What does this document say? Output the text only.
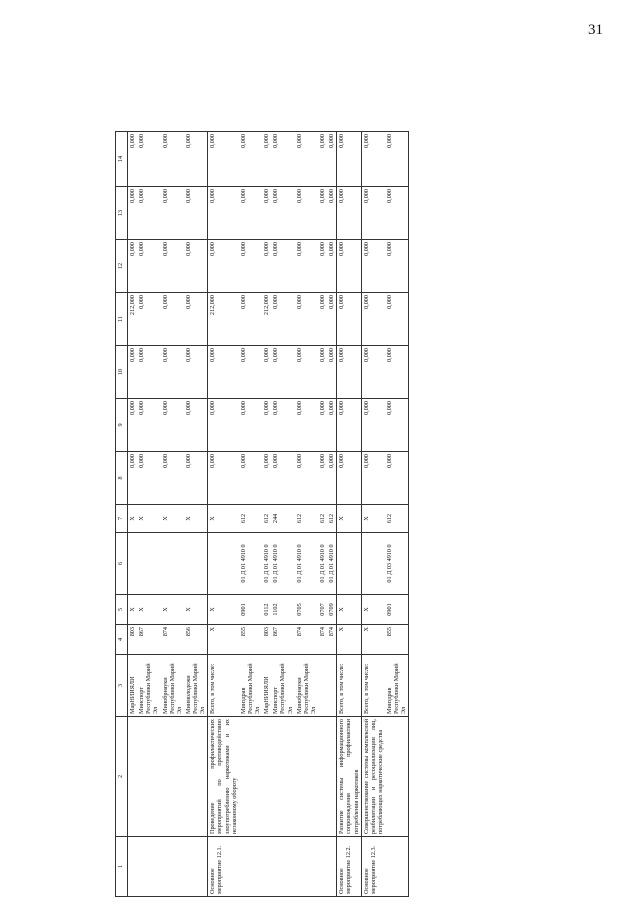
31
1	2	3	4	5	6	7	8	9	10	11	12	13	14
		МарНИИЯЛИ	803	X		X	0,000	0,000	0,000	212,000	0,000	0,000	0,000
		Минспорт Республики Марий Эл	867	X		X	0,000	0,000	0,000	0,000	0,000	0,000	0,000
		Минобрнауки Республики Марий Эл	874	X		X	0,000	0,000	0,000	0,000	0,000	0,000	0,000
		Минмолодежи Республики Марий Эл	856	X		X	0,000	0,000	0,000	0,000	0,000	0,000	0,000
Основное мероприятие 12.1.	Проведение профилактических мероприятий по противодействию злоупотреблению наркотиками и их незаконному обороту	Всего, в том числе:	X	X		X	0,000	0,000	0,000	212,000	0,000	0,000	0,000
		Минздрав Республики Марий Эл	855	0901	01 Д 01 4910 0	612	0,000	0,000	0,000	0,000	0,000	0,000	0,000
		МарНИИЯЛИ	803	0112	01 Д 01 4910 0	612	0,000	0,000	0,000	212,000	0,000	0,000	0,000
		Минспорт Республики Марий Эл	867	1102	01 Д 01 4910 0	244	0,000	0,000	0,000	0,000	0,000	0,000	0,000
		Минобрнауки Республики Марий Эл	874	0705	01 Д 01 4910 0	612	0,000	0,000	0,000	0,000	0,000	0,000	0,000
			874	0707	01 Д 01 4910 0	612	0,000	0,000	0,000	0,000	0,000	0,000	0,000
			874	0709	01 Д 01 4910 0	612	0,000	0,000	0,000	0,000	0,000	0,000	0,000
Основное мероприятие 12.2.	Развитие системы информационного сопровождения профилактики потребления наркотиков	Всего, в том числе:	X	X		X	0,000	0,000	0,000	0,000	0,000	0,000	0,000
Основное мероприятие 12.3.	Совершенствование системы комплексной реабилитации и ресоциализации лиц, потребляющих наркотические средства	Всего, в том числе:	X	X		X	0,000	0,000	0,000	0,000	0,000	0,000	0,000
		Минздрав Республики Марий Эл	855	0901	01 Д 03 4910 0	612	0,000	0,000	0,000	0,000	0,000	0,000	0,000
